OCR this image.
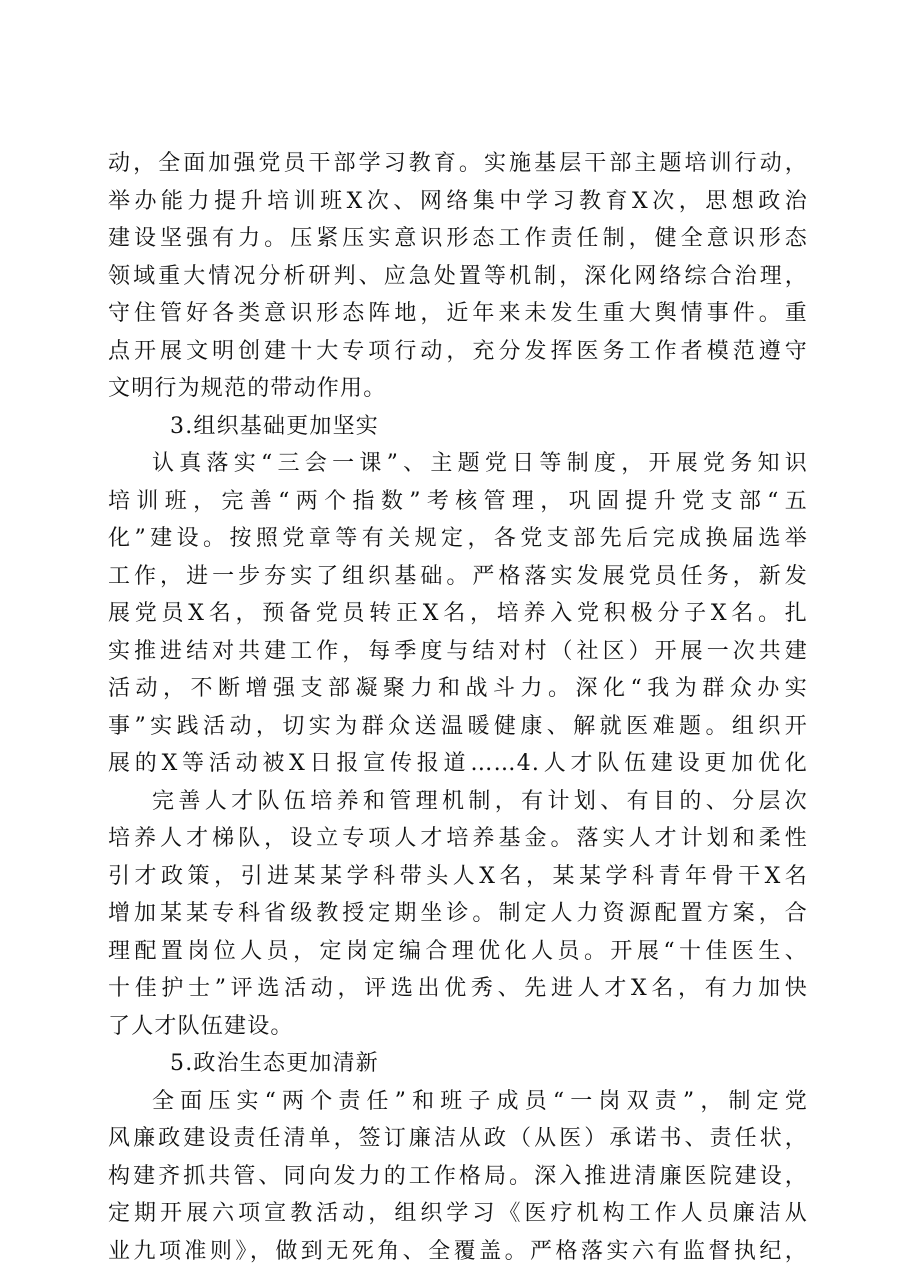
动，全面加强党员干部学习教育。实施基层干部主题培训行动，
举办能力提升培训班X次、网络集中学习教育X次，思想政治
建设坚强有力。压紧压实意识形态工作责任制，健全意识形态
领域重大情况分析研判、应急处置等机制，深化网络综合治理，
守住管好各类意识形态阵地，近年来未发生重大舆情事件。重
点开展文明创建十大专项行动，充分发挥医务工作者模范遵守
文明行为规范的带动作用。
3.组织基础更加坚实
认真落实“三会一课”、主题党日等制度，开展党务知识
培训班，完善“两个指数”考核管理，巩固提升党支部“五
化”建设。按照党章等有关规定，各党支部先后完成换届选举
工作，进一步夯实了组织基础。严格落实发展党员任务，新发
展党员X名，预备党员转正X名，培养入党积极分子X名。扎
实推进结对共建工作，每季度与结对村（社区）开展一次共建
活动，不断增强支部凝聚力和战斗力。深化“我为群众办实
事”实践活动，切实为群众送温暖健康、解就医难题。组织开
展的X等活动被X日报宣传报道……4.人才队伍建设更加优化
完善人才队伍培养和管理机制，有计划、有目的、分层次
培养人才梯队，设立专项人才培养基金。落实人才计划和柔性
引才政策，引进某某学科带头人X名，某某学科青年骨干X名
增加某某专科省级教授定期坐诊。制定人力资源配置方案，合
理配置岗位人员，定岗定编合理优化人员。开展“十佳医生、
十佳护士”评选活动，评选出优秀、先进人才X名，有力加快
了人才队伍建设。
5.政治生态更加清新
全面压实“两个责任”和班子成员“一岗双责”，制定党
风廉政建设责任清单，签订廉洁从政（从医）承诺书、责任状，
构建齐抓共管、同向发力的工作格局。深入推进清廉医院建设，
定期开展六项宣教活动，组织学习《医疗机构工作人员廉洁从
业九项准则》，做到无死角、全覆盖。严格落实六有监督执纪，
